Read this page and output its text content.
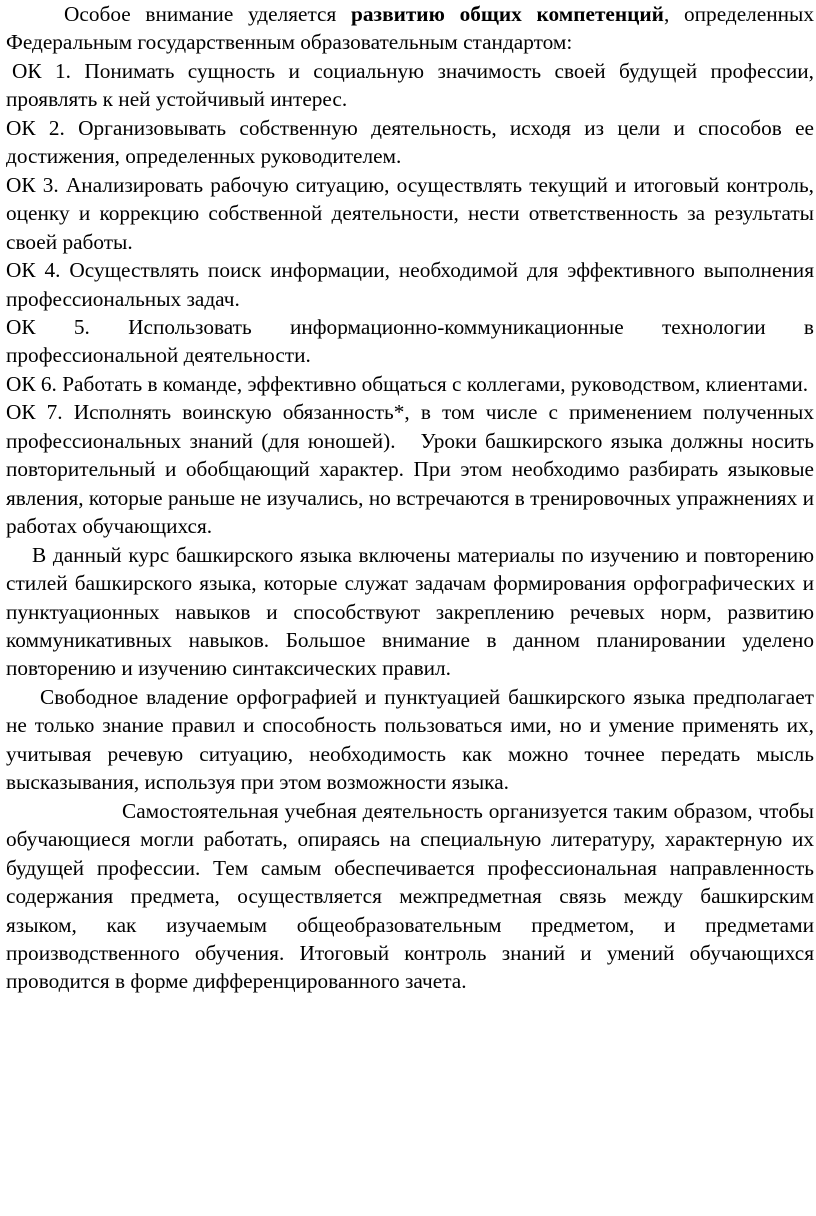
Особое внимание уделяется развитию общих компетенций, определенных Федеральным государственным образовательным стандартом:

ОК 1. Понимать сущность и социальную значимость своей будущей профессии, проявлять к ней устойчивый интерес.

ОК 2. Организовывать собственную деятельность, исходя из цели и способов ее достижения, определенных руководителем.

ОК 3. Анализировать рабочую ситуацию, осуществлять текущий и итоговый контроль, оценку и коррекцию собственной деятельности, нести ответственность за результаты своей работы.

ОК 4. Осуществлять поиск информации, необходимой для эффективного выполнения профессиональных задач.

ОК 5. Использовать информационно-коммуникационные технологии в профессиональной деятельности.

ОК 6. Работать в команде, эффективно общаться с коллегами, руководством, клиентами.

ОК 7. Исполнять воинскую обязанность*, в том числе с применением полученных профессиональных знаний (для юношей). Уроки башкирского языка должны носить повторительный и обобщающий характер. При этом необходимо разбирать языковые явления, которые раньше не изучались, но встречаются в тренировочных упражнениях и работах обучающихся.

В данный курс башкирского языка включены материалы по изучению и повторению стилей башкирского языка, которые служат задачам формирования орфографических и пунктуационных навыков и способствуют закреплению речевых норм, развитию коммуникативных навыков. Большое внимание в данном планировании уделено повторению и изучению синтаксических правил.

Свободное владение орфографией и пунктуацией башкирского языка предполагает не только знание правил и способность пользоваться ими, но и умение применять их, учитывая речевую ситуацию, необходимость как можно точнее передать мысль высказывания, используя при этом возможности языка.

Самостоятельная учебная деятельность организуется таким образом, чтобы обучающиеся могли работать, опираясь на специальную литературу, характерную их будущей профессии. Тем самым обеспечивается профессиональная направленность содержания предмета, осуществляется межпредметная связь между башкирским языком, как изучаемым общеобразовательным предметом, и предметами производственного обучения. Итоговый контроль знаний и умений обучающихся проводится в форме дифференцированного зачета.
